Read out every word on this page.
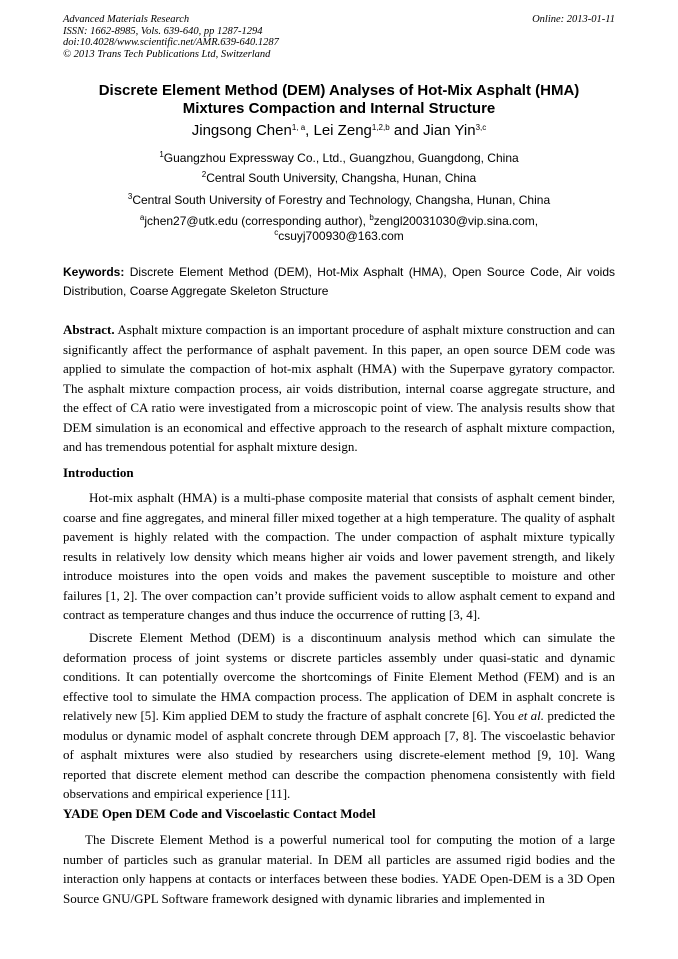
Advanced Materials Research
ISSN: 1662-8985, Vols. 639-640, pp 1287-1294
doi:10.4028/www.scientific.net/AMR.639-640.1287
© 2013 Trans Tech Publications Ltd, Switzerland
Online: 2013-01-11
Discrete Element Method (DEM) Analyses of Hot-Mix Asphalt (HMA)
Mixtures Compaction and Internal Structure
Jingsong Chen$^{1, a}$, Lei Zeng$^{1,2,b}$ and Jian Yin$^{3,c}$
$^1$Guangzhou Expressway Co., Ltd., Guangzhou, Guangdong, China
$^2$Central South University, Changsha, Hunan, China
$^3$Central South University of Forestry and Technology, Changsha, Hunan, China
$^a$jchen27@utk.edu (corresponding author), $^b$zengl20031030@vip.sina.com,
$^c$csuyj700930@163.com
Keywords: Discrete Element Method (DEM), Hot-Mix Asphalt (HMA), Open Source Code, Air voids Distribution, Coarse Aggregate Skeleton Structure
Abstract. Asphalt mixture compaction is an important procedure of asphalt mixture construction and can significantly affect the performance of asphalt pavement. In this paper, an open source DEM code was applied to simulate the compaction of hot-mix asphalt (HMA) with the Superpave gyratory compactor. The asphalt mixture compaction process, air voids distribution, internal coarse aggregate structure, and the effect of CA ratio were investigated from a microscopic point of view. The analysis results show that DEM simulation is an economical and effective approach to the research of asphalt mixture compaction, and has tremendous potential for asphalt mixture design.
Introduction
Hot-mix asphalt (HMA) is a multi-phase composite material that consists of asphalt cement binder, coarse and fine aggregates, and mineral filler mixed together at a high temperature. The quality of asphalt pavement is highly related with the compaction. The under compaction of asphalt mixture typically results in relatively low density which means higher air voids and lower pavement strength, and likely introduce moistures into the open voids and makes the pavement susceptible to moisture and other failures [1, 2]. The over compaction can’t provide sufficient voids to allow asphalt cement to expand and contract as temperature changes and thus induce the occurrence of rutting [3, 4].
Discrete Element Method (DEM) is a discontinuum analysis method which can simulate the deformation process of joint systems or discrete particles assembly under quasi-static and dynamic conditions. It can potentially overcome the shortcomings of Finite Element Method (FEM) and is an effective tool to simulate the HMA compaction process. The application of DEM in asphalt concrete is relatively new [5]. Kim applied DEM to study the fracture of asphalt concrete [6]. You et al. predicted the modulus or dynamic model of asphalt concrete through DEM approach [7, 8]. The viscoelastic behavior of asphalt mixtures were also studied by researchers using discrete-element method [9, 10]. Wang reported that discrete element method can describe the compaction phenomena consistently with field observations and empirical experience [11].
YADE Open DEM Code and Viscoelastic Contact Model
The Discrete Element Method is a powerful numerical tool for computing the motion of a large number of particles such as granular material. In DEM all particles are assumed rigid bodies and the interaction only happens at contacts or interfaces between these bodies. YADE Open-DEM is a 3D Open Source GNU/GPL Software framework designed with dynamic libraries and implemented in
